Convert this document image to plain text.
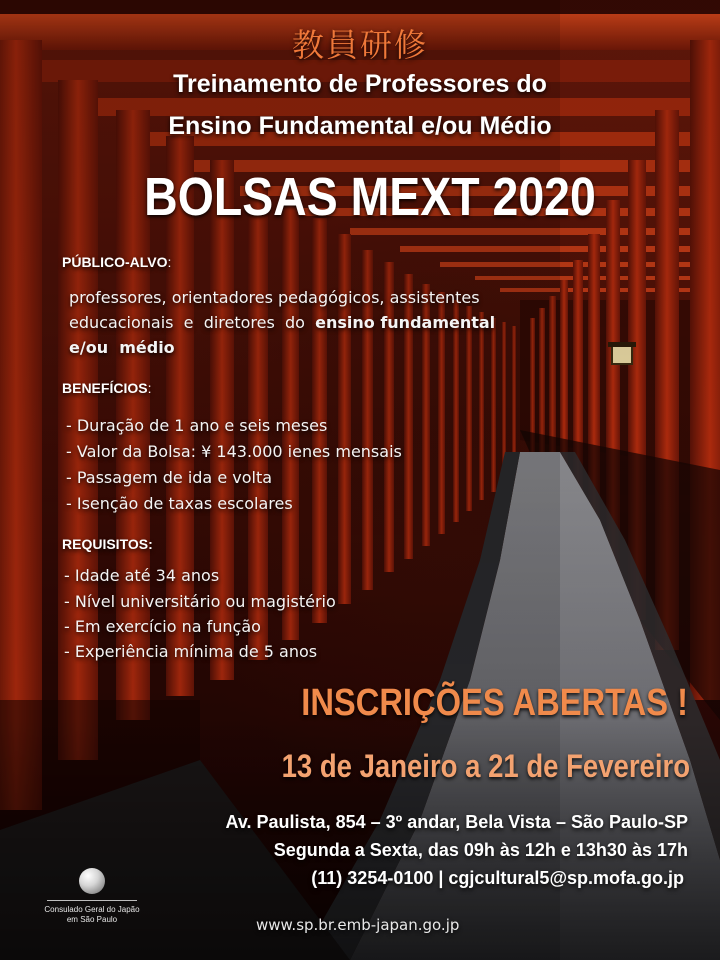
教員研修
Treinamento de Professores do
Ensino Fundamental e/ou Médio
BOLSAS MEXT 2020
PÚBLICO-ALVO:
professores, orientadores pedagógicos, assistentes
educacionais  e  diretores  do  ensino fundamental
e/ou  médio
BENEFÍCIOS:
- Duração de 1 ano e seis meses
- Valor da Bolsa: ¥ 143.000 ienes mensais
- Passagem de ida e volta
- Isenção de taxas escolares
REQUISITOS:
- Idade até 34 anos
- Nível universitário ou magistério
- Em exercício na função
- Experiência mínima de 5 anos
INSCRIÇÕES ABERTAS !
13 de Janeiro a 21 de Fevereiro
Av. Paulista, 854 – 3º andar, Bela Vista – São Paulo-SP
Segunda a Sexta, das 09h às 12h e 13h30 às 17h
(11) 3254-0100 | cgjcultural5@sp.mofa.go.jp
Consulado Geral do Japão
em São Paulo	www.sp.br.emb-japan.go.jp
